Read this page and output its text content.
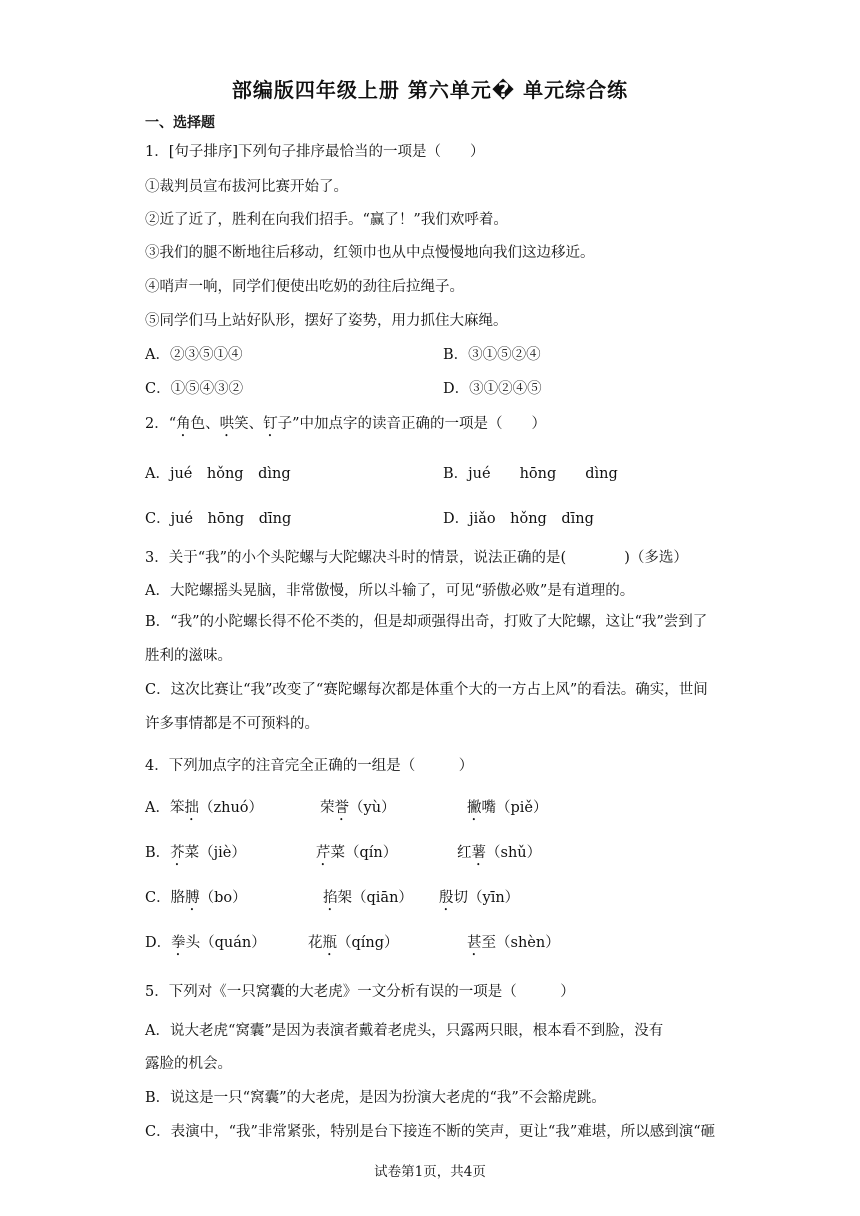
部编版四年级上册 第六单元� 单元综合练
一、选择题
1．[句子排序]下列句子排序最恰当的一项是（　　）
①裁判员宣布拔河比赛开始了。
②近了近了，胜利在向我们招手。“赢了！”我们欢呼着。
③我们的腿不断地往后移动，红领巾也从中点慢慢地向我们这边移近。
④哨声一响，同学们便使出吃奶的劲往后拉绳子。
⑤同学们马上站好队形，摆好了姿势，用力抓住大麻绳。
A．②③⑤①④	B．③①⑤②④
C．①⑤④③②	D．③①②④⑤
2．“角色、哄笑、钉子”中加点字的读音正确的一项是（　　）
A．jué　hǒng　dìng	B．jué　　hōng　　dìng
C．jué　hōng　dīng	D．jiǎo　hǒng　dīng
3．关于“我”的小个头陀螺与大陀螺决斗时的情景，说法正确的是(　　　　)（多选）
A．大陀螺摇头晃脑，非常傲慢，所以斗输了，可见“骄傲必败”是有道理的。
B．“我”的小陀螺长得不伦不类的，但是却顽强得出奇，打败了大陀螺，这让“我”尝到了胜利的滋味。
C．这次比赛让“我”改变了“赛陀螺每次都是体重个大的一方占上风”的看法。确实，世间许多事情都是不可预料的。
4．下列加点字的注音完全正确的一组是（　　　）
A．笨拙（zhuó）	荣誉（yù）	撇嘴（piě）
B．芥菜（jiè）	芹菜（qín）	红薯（shǔ）
C．胳膊（bo）	掐架（qiān） 殷切（yīn）
D．拳头（quán）	花瓶（qíng）	甚至（shèn）
5．下列对《一只窝囊的大老虎》一文分析有误的一项是（　　　）
A．说大老虎“窝囊”是因为表演者戴着老虎头，只露两只眼，根本看不到脸，没有
露脸的机会。
B．说这是一只“窝囊”的大老虎，是因为扮演大老虎的“我”不会豁虎跳。
C．表演中，“我”非常紧张，特别是台下接连不断的笑声，更让“我”难堪，所以感到演“砸
试卷第1页，共4页
